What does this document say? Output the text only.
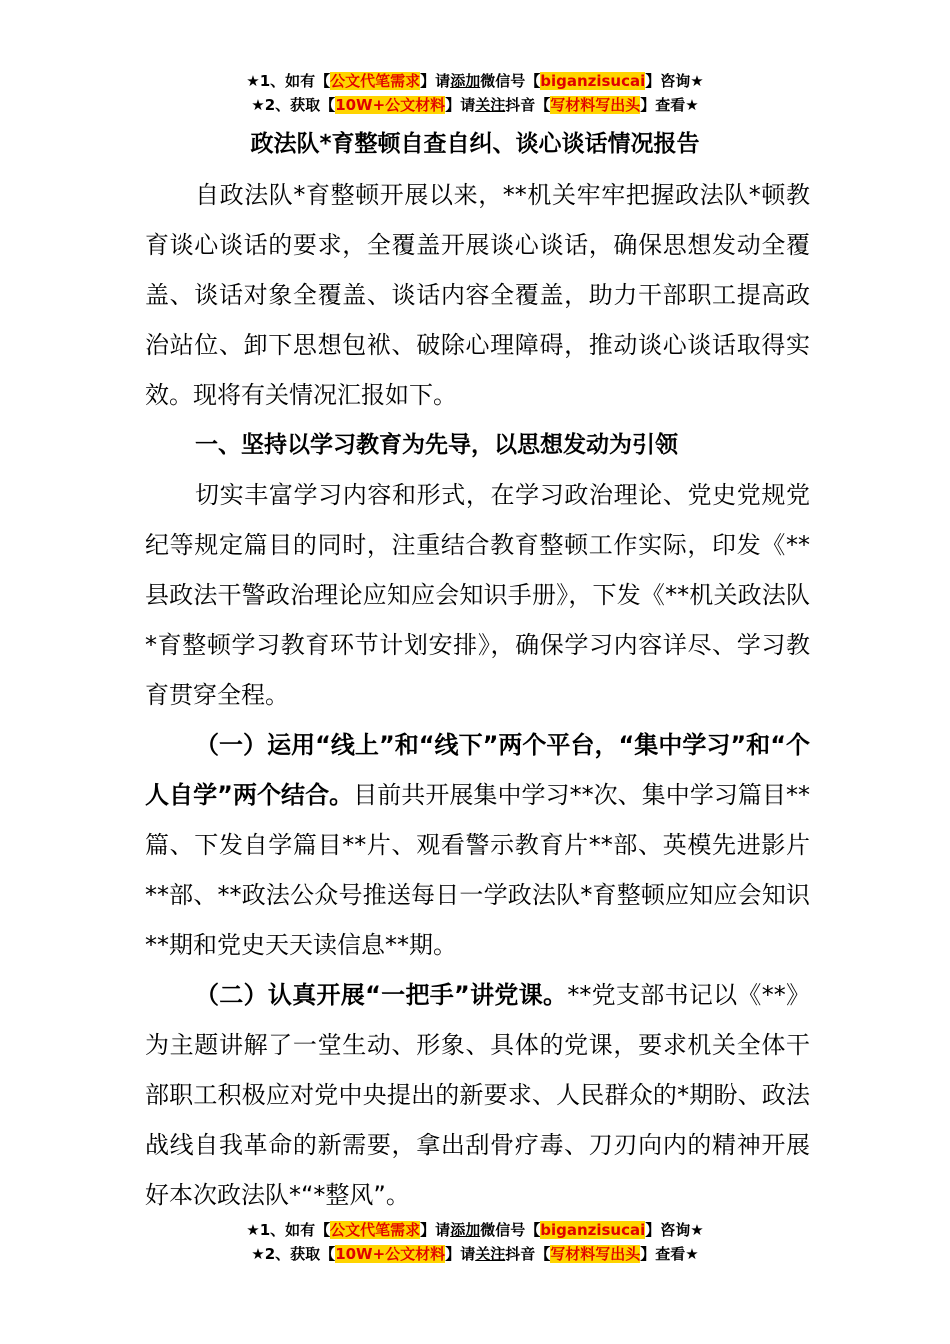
★1、如有【公文代笔需求】请添加微信号【biganzisucai】咨询★
★2、获取【10W+公文材料】请关注抖音【写材料写出头】查看★
政法队*育整顿自查自纠、谈心谈话情况报告

自政法队*育整顿开展以来，**机关牢牢把握政法队*顿教育谈心谈话的要求，全覆盖开展谈心谈话，确保思想发动全覆盖、谈话对象全覆盖、谈话内容全覆盖，助力干部职工提高政治站位、卸下思想包袱、破除心理障碍，推动谈心谈话取得实效。现将有关情况汇报如下。

一、坚持以学习教育为先导，以思想发动为引领

切实丰富学习内容和形式，在学习政治理论、党史党规党纪等规定篇目的同时，注重结合教育整顿工作实际，印发《**县政法干警政治理论应知应会知识手册》，下发《**机关政法队*育整顿学习教育环节计划安排》，确保学习内容详尽、学习教育贯穿全程。

（一）运用“线上”和“线下”两个平台，“集中学习”和“个人自学”两个结合。目前共开展集中学习**次、集中学习篇目**篇、下发自学篇目**片、观看警示教育片**部、英模先进影片**部、**政法公众号推送每日一学政法队*育整顿应知应会知识**期和党史天天读信息**期。

（二）认真开展“一把手”讲党课。**党支部书记以《**》为主题讲解了一堂生动、形象、具体的党课，要求机关全体干部职工积极应对党中央提出的新要求、人民群众的*期盼、政法战线自我革命的新需要，拿出刮骨疗毒、刀刃向内的精神开展好本次政法队*“*整风”。

★1、如有【公文代笔需求】请添加微信号【biganzisucai】咨询★
★2、获取【10W+公文材料】请关注抖音【写材料写出头】查看★
